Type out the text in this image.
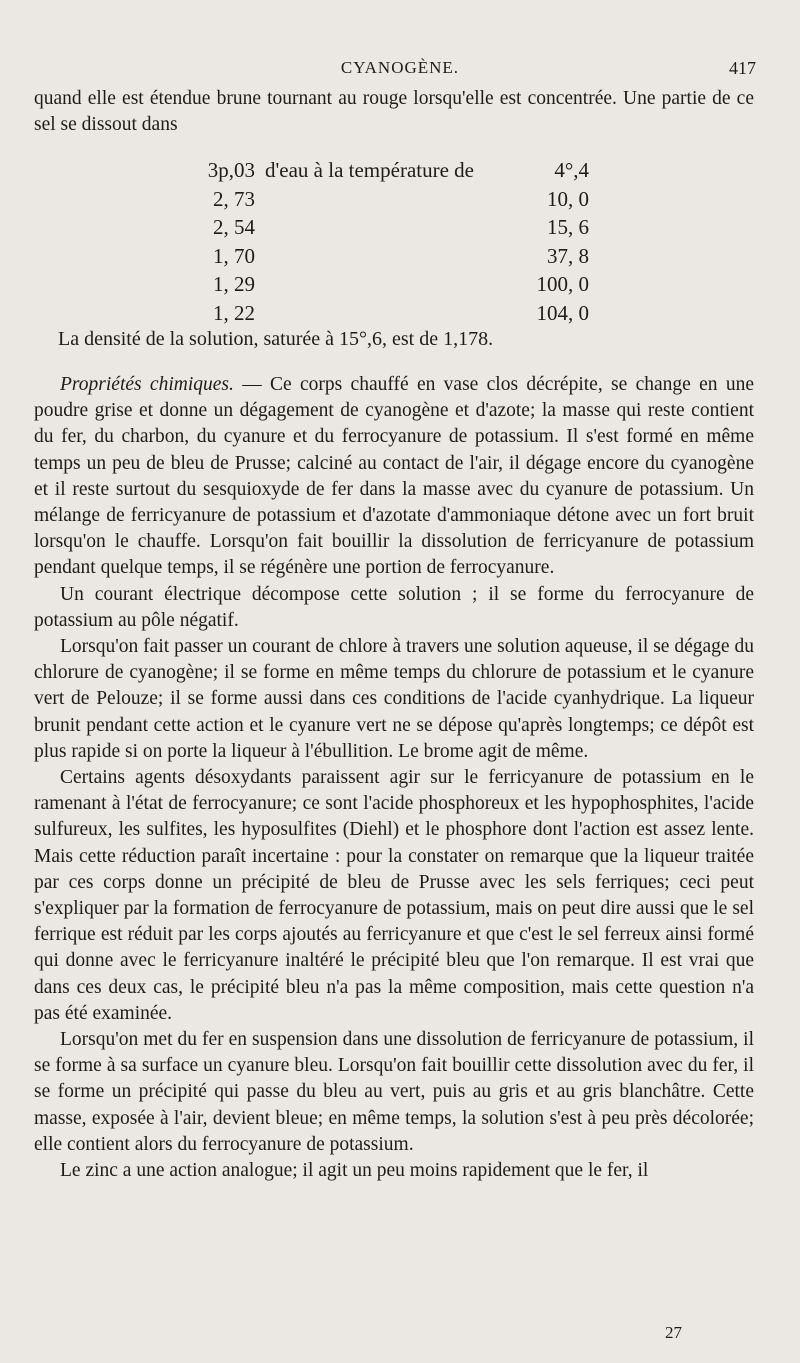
CYANOGÈNE.	417

quand elle est étendue brune tournant au rouge lorsqu'elle est concentrée. Une partie de ce sel se dissout dans

3p,03 d'eau à la température de	4°,4
2, 73	10, 0
2, 54	15, 6
1, 70	37, 8
1, 29	100, 0
1, 22	104, 0
La densité de la solution, saturée à 15°,6, est de 1,178.

Propriétés chimiques. — Ce corps chauffé en vase clos décrépite, se change en une poudre grise et donne un dégagement de cyanogène et d'azote; la masse qui reste contient du fer, du charbon, du cyanure et du ferrocyanure de potassium. Il s'est formé en même temps un peu de bleu de Prusse; calciné au contact de l'air, il dégage encore du cyanogène et il reste surtout du sesquioxyde de fer dans la masse avec du cyanure de potassium. Un mélange de ferricyanure de potassium et d'azotate d'ammoniaque détone avec un fort bruit lorsqu'on le chauffe. Lorsqu'on fait bouillir la dissolution de ferricyanure de potassium pendant quelque temps, il se régénère une portion de ferrocyanure.

Un courant électrique décompose cette solution ; il se forme du ferrocyanure de potassium au pôle négatif.

Lorsqu'on fait passer un courant de chlore à travers une solution aqueuse, il se dégage du chlorure de cyanogène; il se forme en même temps du chlorure de potassium et le cyanure vert de Pelouze; il se forme aussi dans ces conditions de l'acide cyanhydrique. La liqueur brunit pendant cette action et le cyanure vert ne se dépose qu'après longtemps; ce dépôt est plus rapide si on porte la liqueur à l'ébullition. Le brome agit de même.

Certains agents désoxydants paraissent agir sur le ferricyanure de potassium en le ramenant à l'état de ferrocyanure; ce sont l'acide phosphoreux et les hypophosphites, l'acide sulfureux, les sulfites, les hyposulfites (Diehl) et le phosphore dont l'action est assez lente. Mais cette réduction paraît incertaine : pour la constater on remarque que la liqueur traitée par ces corps donne un précipité de bleu de Prusse avec les sels ferriques; ceci peut s'expliquer par la formation de ferrocyanure de potassium, mais on peut dire aussi que le sel ferrique est réduit par les corps ajoutés au ferricyanure et que c'est le sel ferreux ainsi formé qui donne avec le ferricyanure inaltéré le précipité bleu que l'on remarque. Il est vrai que dans ces deux cas, le précipité bleu n'a pas la même composition, mais cette question n'a pas été examinée.

Lorsqu'on met du fer en suspension dans une dissolution de ferricyanure de potassium, il se forme à sa surface un cyanure bleu. Lorsqu'on fait bouillir cette dissolution avec du fer, il se forme un précipité qui passe du bleu au vert, puis au gris et au gris blanchâtre. Cette masse, exposée à l'air, devient bleue; en même temps, la solution s'est à peu près décolorée; elle contient alors du ferrocyanure de potassium.

Le zinc a une action analogue; il agit un peu moins rapidement que le fer, il

27
